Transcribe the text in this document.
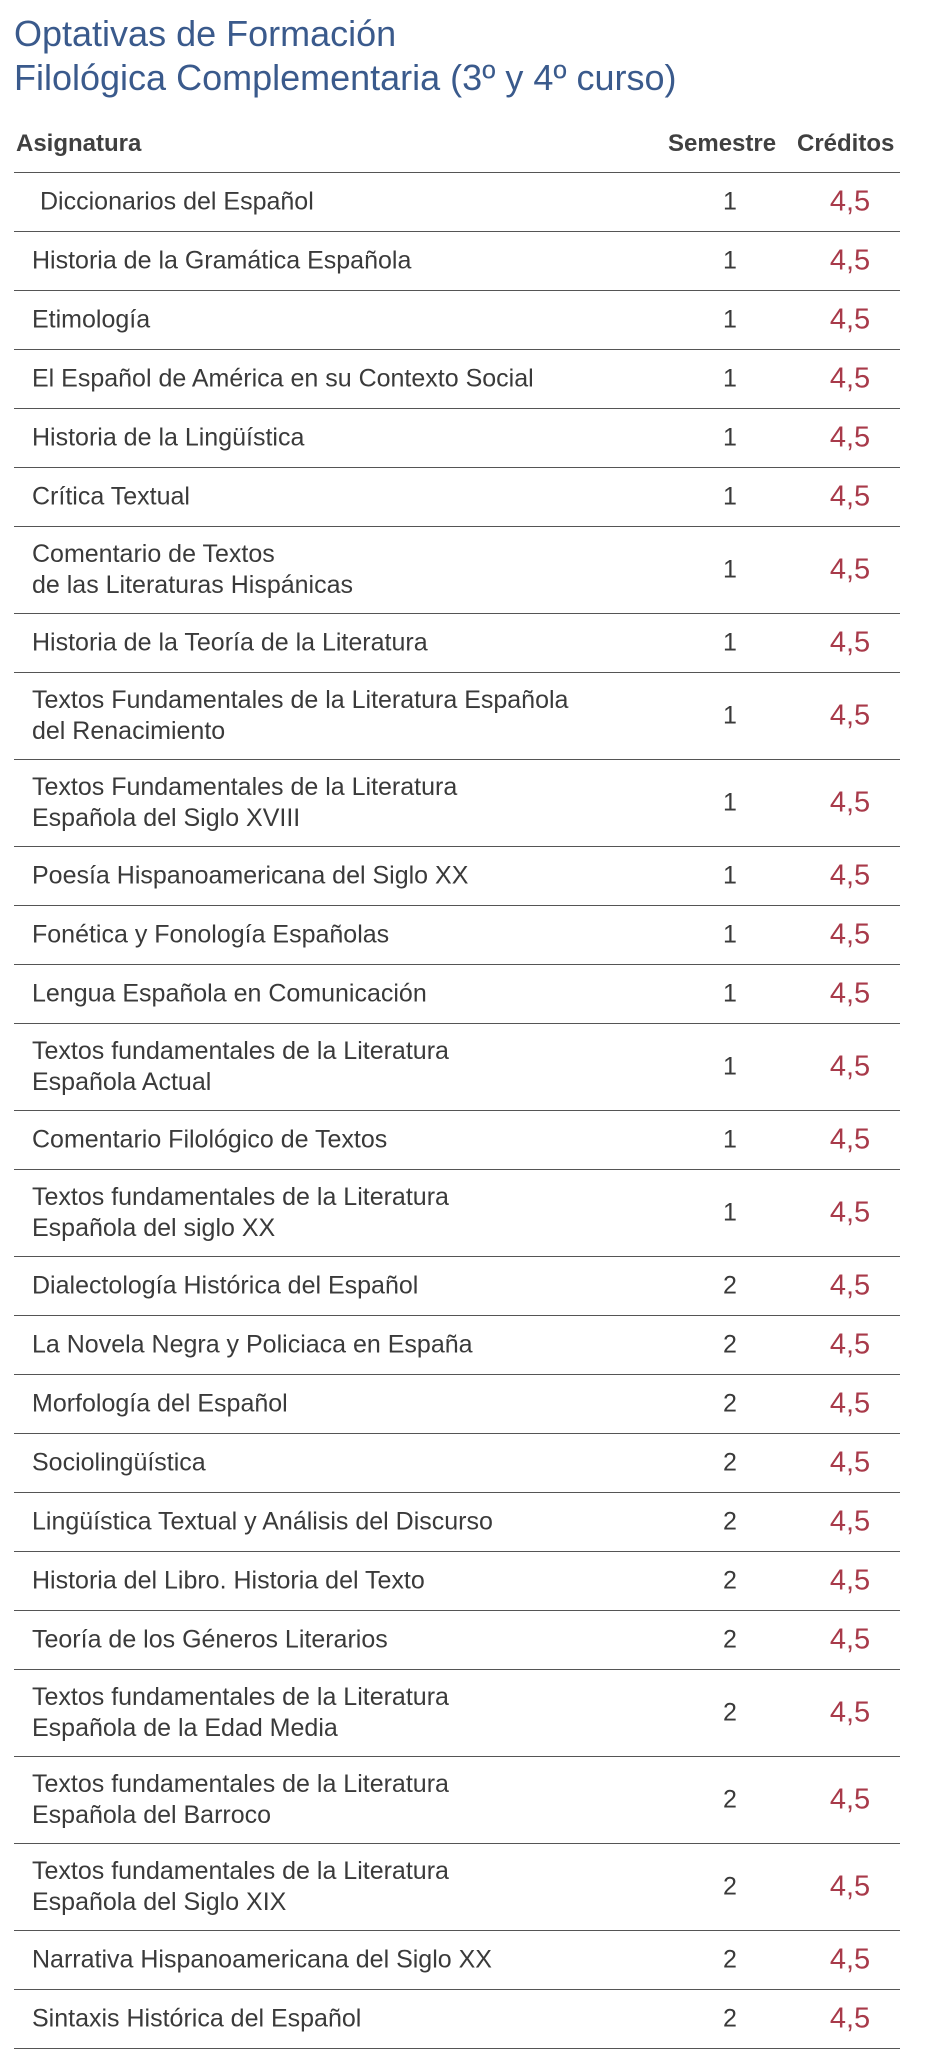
Optativas de Formación
Filológica Complementaria (3º y 4º curso)
Asignatura	Semestre Créditos
Diccionarios del Español	1	4,5
Historia de la Gramática Española	1	4,5
Etimología	1	4,5
El Español de América en su Contexto Social	1	4,5
Historia de la Lingüística	1	4,5
Crítica Textual	1	4,5
Comentario de Textos
de las Literaturas Hispánicas
1	4,5
Historia de la Teoría de la Literatura	1	4,5
Textos Fundamentales de la Literatura Española
del Renacimiento
1	4,5
Textos Fundamentales de la Literatura
Española del Siglo XVIII
1	4,5
Poesía Hispanoamericana del Siglo XX	1	4,5
Fonética y Fonología Españolas	1	4,5
Lengua Española en Comunicación	1	4,5
Textos fundamentales de la Literatura
Española Actual
1	4,5
Comentario Filológico de Textos	1	4,5
Textos fundamentales de la Literatura
Española del siglo XX
1	4,5
Dialectología Histórica del Español	2	4,5
La Novela Negra y Policiaca en España	2	4,5
Morfología del Español	2	4,5
Sociolingüística	2	4,5
Lingüística Textual y Análisis del Discurso	2	4,5
Historia del Libro. Historia del Texto	2	4,5
Teoría de los Géneros Literarios	2	4,5
Textos fundamentales de la Literatura
Española de la Edad Media
2	4,5
Textos fundamentales de la Literatura
Española del Barroco
2	4,5
Textos fundamentales de la Literatura
Española del Siglo XIX
2	4,5
Narrativa Hispanoamericana del Siglo XX	2	4,5
Sintaxis Histórica del Español	2	4,5
